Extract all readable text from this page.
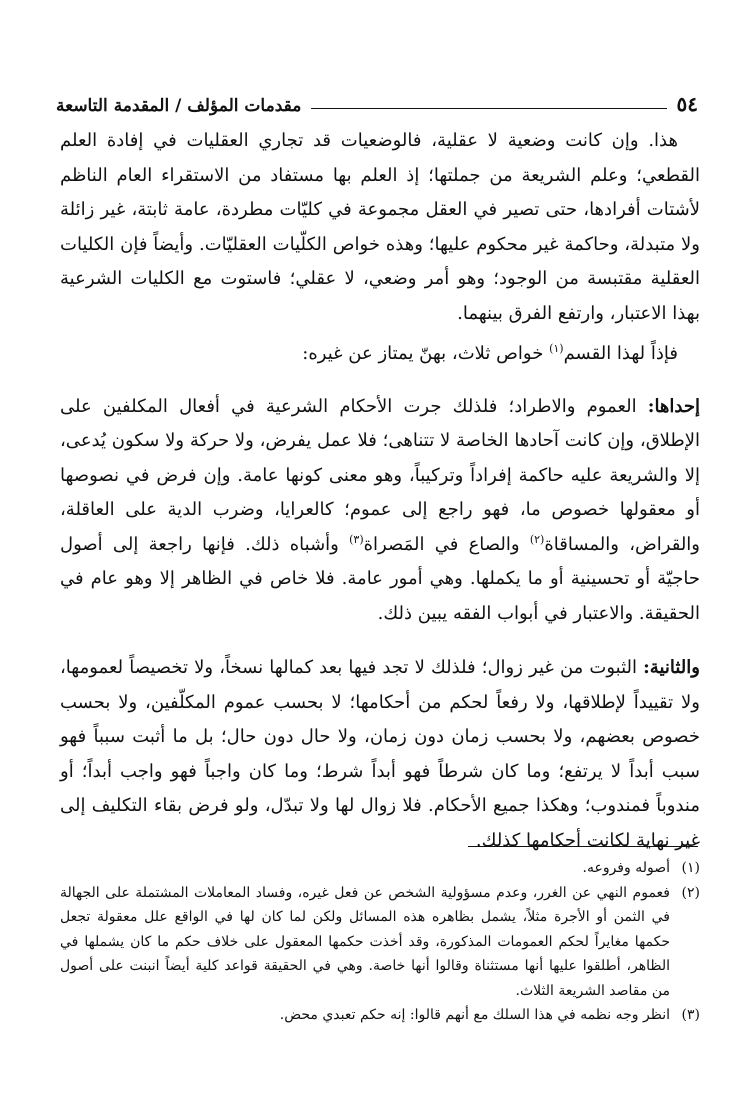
٥٤
مقدمات المؤلف / المقدمة التاسعة

هذا. وإن كانت وضعية لا عقلية، فالوضعيات قد تجاري العقليات في إفادة العلم القطعي؛ وعلم الشريعة من جملتها؛ إذ العلم بها مستفاد من الاستقراء العام الناظم لأشتات أفرادها، حتى تصير في العقل مجموعة في كليّات مطردة، عامة ثابتة، غير زائلة ولا متبدلة، وحاكمة غير محكوم عليها؛ وهذه خواص الكلّيات العقليّات. وأيضاً فإن الكليات العقلية مقتبسة من الوجود؛ وهو أمر وضعي، لا عقلي؛ فاستوت مع الكليات الشرعية بهذا الاعتبار، وارتفع الفرق بينهما.

فإذاً لهذا القسم$^{(١)}$ خواص ثلاث، بهنّ يمتاز عن غيره:

إحداها: العموم والاطراد؛ فلذلك جرت الأحكام الشرعية في أفعال المكلفين على الإطلاق، وإن كانت آحادها الخاصة لا تتناهى؛ فلا عمل يفرض، ولا حركة ولا سكون يُدعى، إلا والشريعة عليه حاكمة إفراداً وتركيباً، وهو معنى كونها عامة. وإن فرض في نصوصها أو معقولها خصوص ما، فهو راجع إلى عموم؛ كالعرايا، وضرب الدية على العاقلة، والقراض، والمساقاة$^{(٢)}$ والصاع في المَصراة$^{(٣)}$ وأشباه ذلك. فإنها راجعة إلى أصول حاجيّة أو تحسينية أو ما يكملها. وهي أمور عامة. فلا خاص في الظاهر إلا وهو عام في الحقيقة. والاعتبار في أبواب الفقه يبين ذلك.

والثانية: الثبوت من غير زوال؛ فلذلك لا تجد فيها بعد كمالها نسخاً، ولا تخصيصاً لعمومها، ولا تقييداً لإطلاقها، ولا رفعاً لحكم من أحكامها؛ لا بحسب عموم المكلّفين، ولا بحسب خصوص بعضهم، ولا بحسب زمان دون زمان، ولا حال دون حال؛ بل ما أثبت سبباً فهو سبب أبداً لا يرتفع؛ وما كان شرطاً فهو أبداً شرط؛ وما كان واجباً فهو واجب أبداً؛ أو مندوباً فمندوب؛ وهكذا جميع الأحكام. فلا زوال لها ولا تبدّل، ولو فرض بقاء التكليف إلى غير نهاية لكانت أحكامها كذلك.

(١)
أصوله وفروعه.
(٢)
فعموم النهي عن الغرر، وعدم مسؤولية الشخص عن فعل غيره، وفساد المعاملات المشتملة على الجهالة في الثمن أو الأجرة مثلاً، يشمل بظاهره هذه المسائل ولكن لما كان لها في الواقع علل معقولة تجعل حكمها مغايراً لحكم العمومات المذكورة، وقد أخذت حكمها المعقول على خلاف حكم ما كان يشملها في الظاهر، أطلقوا عليها أنها مستثناة وقالوا أنها خاصة. وهي في الحقيقة قواعد كلية أيضاً انبنت على أصول من مقاصد الشريعة الثلاث.
(٣)
انظر وجه نظمه في هذا السلك مع أنهم قالوا: إنه حكم تعبدي محض.
